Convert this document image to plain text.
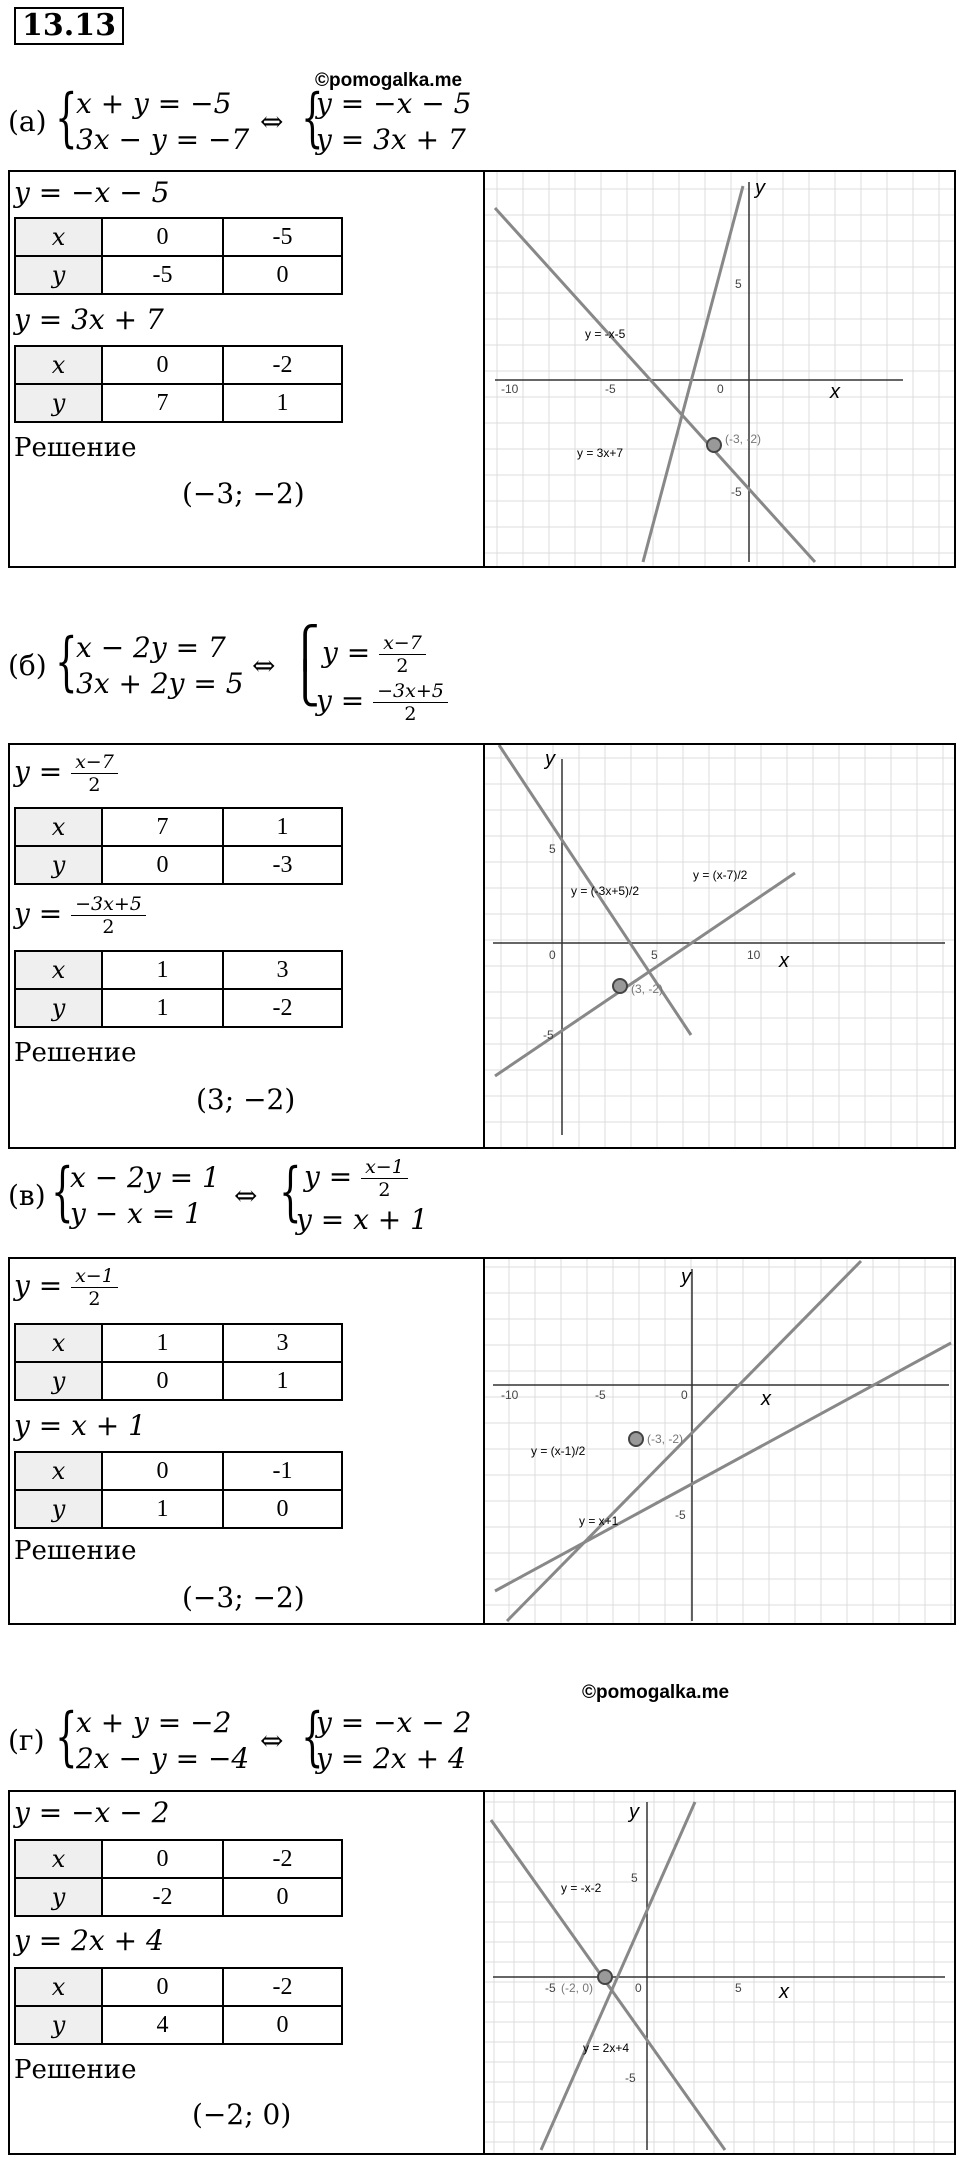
13.13
©pomogalka.me
(а) {
x + y = −5
3x − y = −7
⇔ {
y = −x − 5
y = 3x + 7
y = −x − 5
x	0	-5
y	-5	0
y = 3x + 7
x	0	-2
y	7	1
Решение
(−3; −2)
x
y
-10	-5	0
5
-5
y = -x-5
y = 3x+7
(-3, -2)
(б) {
x − 2y = 7
3x + 2y = 5
⇔ ⎧
⎩
$y = \frac{x-7}{2}$
$y = \frac{-3x+5}{2}$
$y = \frac{x-7}{2}$
x	7	1
y	0	-3
$y = \frac{-3x+5}{2}$
x	1	3
y	1	-2
Решение
(3; −2)
x
y
0	5	10
5
-5
y = (-3x+5)/2
y = (x-7)/2
(3, -2)
(в) {
x − 2y = 1
y − x = 1
⇔ { $y = \frac{x-1}{2}$
y = x + 1
$y = \frac{x-1}{2}$
x	1	3
y	0	1
y = x + 1
x	0	-1
y	1	0
Решение
(−3; −2)
x
y
-10	-5	0
-5
y = (x-1)/2
y = x+1
(-3, -2)
©pomogalka.me
(г) {
x + y = −2
2x − y = −4
⇔ {
y = −x − 2
y = 2x + 4
y = −x − 2
x	0	-2
y	-2	0
y = 2x + 4
x	0	-2
y	4	0
Решение
(−2; 0)
x
y
-5	0	5
5
-5
y = -x-2
y = 2x+4
(-2, 0)
